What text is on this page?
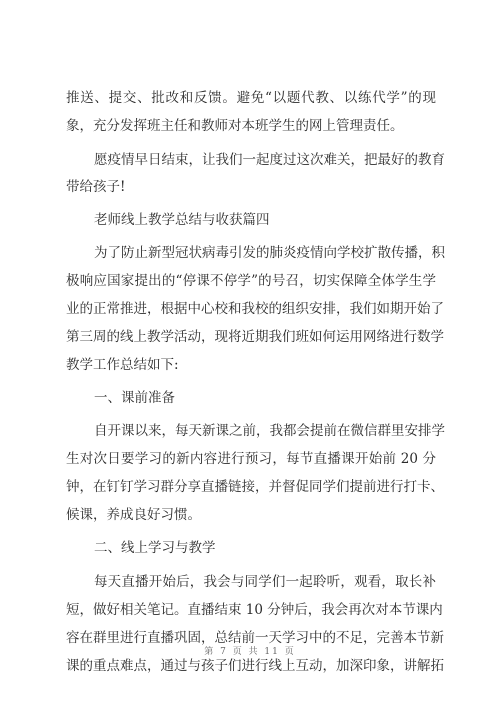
推送、提交、批改和反馈。避免“以题代教、以练代学”的现
象，充分发挥班主任和教师对本班学生的网上管理责任。
愿疫情早日结束，让我们一起度过这次难关，把最好的教育
带给孩子!
老师线上教学总结与收获篇四
为了防止新型冠状病毒引发的肺炎疫情向学校扩散传播，积
极响应国家提出的“停课不停学”的号召，切实保障全体学生学
业的正常推进，根据中心校和我校的组织安排，我们如期开始了
第三周的线上教学活动，现将近期我们班如何运用网络进行数学
教学工作总结如下:
一、课前准备
自开课以来，每天新课之前，我都会提前在微信群里安排学
生对次日要学习的新内容进行预习，每节直播课开始前 20 分
钟，在钉钉学习群分享直播链接，并督促同学们提前进行打卡、
候课，养成良好习惯。
二、线上学习与教学
每天直播开始后，我会与同学们一起聆听，观看，取长补
短，做好相关笔记。直播结束 10 分钟后，我会再次对本节课内
容在群里进行直播巩固，总结前一天学习中的不足，完善本节新
课的重点难点，通过与孩子们进行线上互动，加深印象，讲解拓
第 7 页 共 11 页
